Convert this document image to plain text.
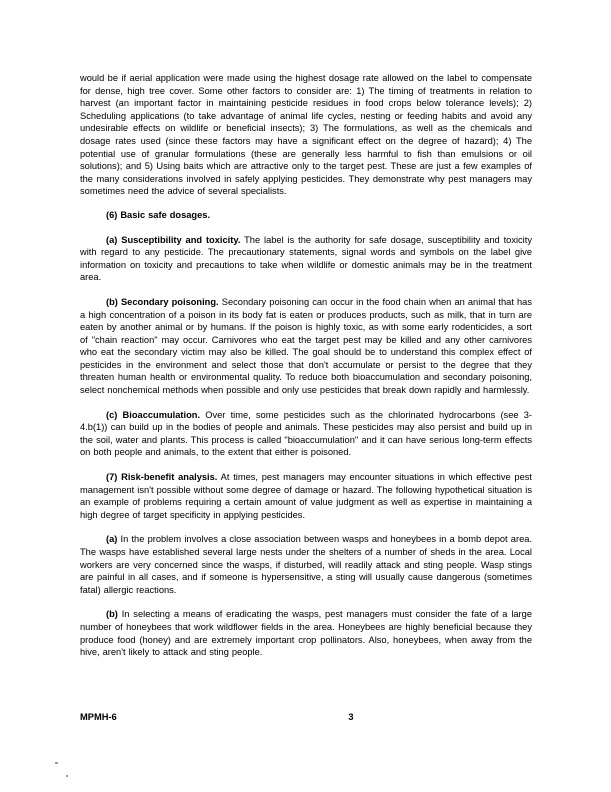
would be if aerial application were made using the highest dosage rate allowed on the label to compensate for dense, high tree cover. Some other factors to consider are: 1) The timing of treatments in relation to harvest (an important factor in maintaining pesticide residues in food crops below tolerance levels); 2) Scheduling applications (to take advantage of animal life cycles, nesting or feeding habits and avoid any undesirable effects on wildlife or beneficial insects); 3) The formulations, as well as the chemicals and dosage rates used (since these factors may have a significant effect on the degree of hazard); 4) The potential use of granular formulations (these are generally less harmful to fish than emulsions or oil solutions); and 5) Using baits which are attractive only to the target pest. These are just a few examples of the many considerations involved in safely applying pesticides. They demonstrate why pest managers may sometimes need the advice of several specialists.

(6) Basic safe dosages.

(a) Susceptibility and toxicity. The label is the authority for safe dosage, susceptibility and toxicity with regard to any pesticide. The precautionary statements, signal words and symbols on the label give information on toxicity and precautions to take when wildlife or domestic animals may be in the treatment area.

(b) Secondary poisoning. Secondary poisoning can occur in the food chain when an animal that has a high concentration of a poison in its body fat is eaten or produces products, such as milk, that in turn are eaten by another animal or by humans. If the poison is highly toxic, as with some early rodenticides, a sort of "chain reaction" may occur. Carnivores who eat the target pest may be killed and any other carnivores who eat the secondary victim may also be killed. The goal should be to understand this complex effect of pesticides in the environment and select those that don't accumulate or persist to the degree that they threaten human health or environmental quality. To reduce both bioaccumulation and secondary poisoning, select nonchemical methods when possible and only use pesticides that break down rapidly and harmlessly.

(c) Bioaccumulation. Over time, some pesticides such as the chlorinated hydrocarbons (see 3-4.b(1)) can build up in the bodies of people and animals. These pesticides may also persist and build up in the soil, water and plants. This process is called "bioaccumulation" and it can have serious long-term effects on both people and animals, to the extent that either is poisoned.

(7) Risk-benefit analysis. At times, pest managers may encounter situations in which effective pest management isn't possible without some degree of damage or hazard. The following hypothetical situation is an example of problems requiring a certain amount of value judgment as well as expertise in maintaining a high degree of target specificity in applying pesticides.

(a) In the problem involves a close association between wasps and honeybees in a bomb depot area. The wasps have established several large nests under the shelters of a number of sheds in the area. Local workers are very concerned since the wasps, if disturbed, will readily attack and sting people. Wasp stings are painful in all cases, and if someone is hypersensitive, a sting will usually cause dangerous (sometimes fatal) allergic reactions.

(b) In selecting a means of eradicating the wasps, pest managers must consider the fate of a large number of honeybees that work wildflower fields in the area. Honeybees are highly beneficial because they produce food (honey) and are extremely important crop pollinators. Also, honeybees, when away from the hive, aren't likely to attack and sting people.

MPMH-6	3
